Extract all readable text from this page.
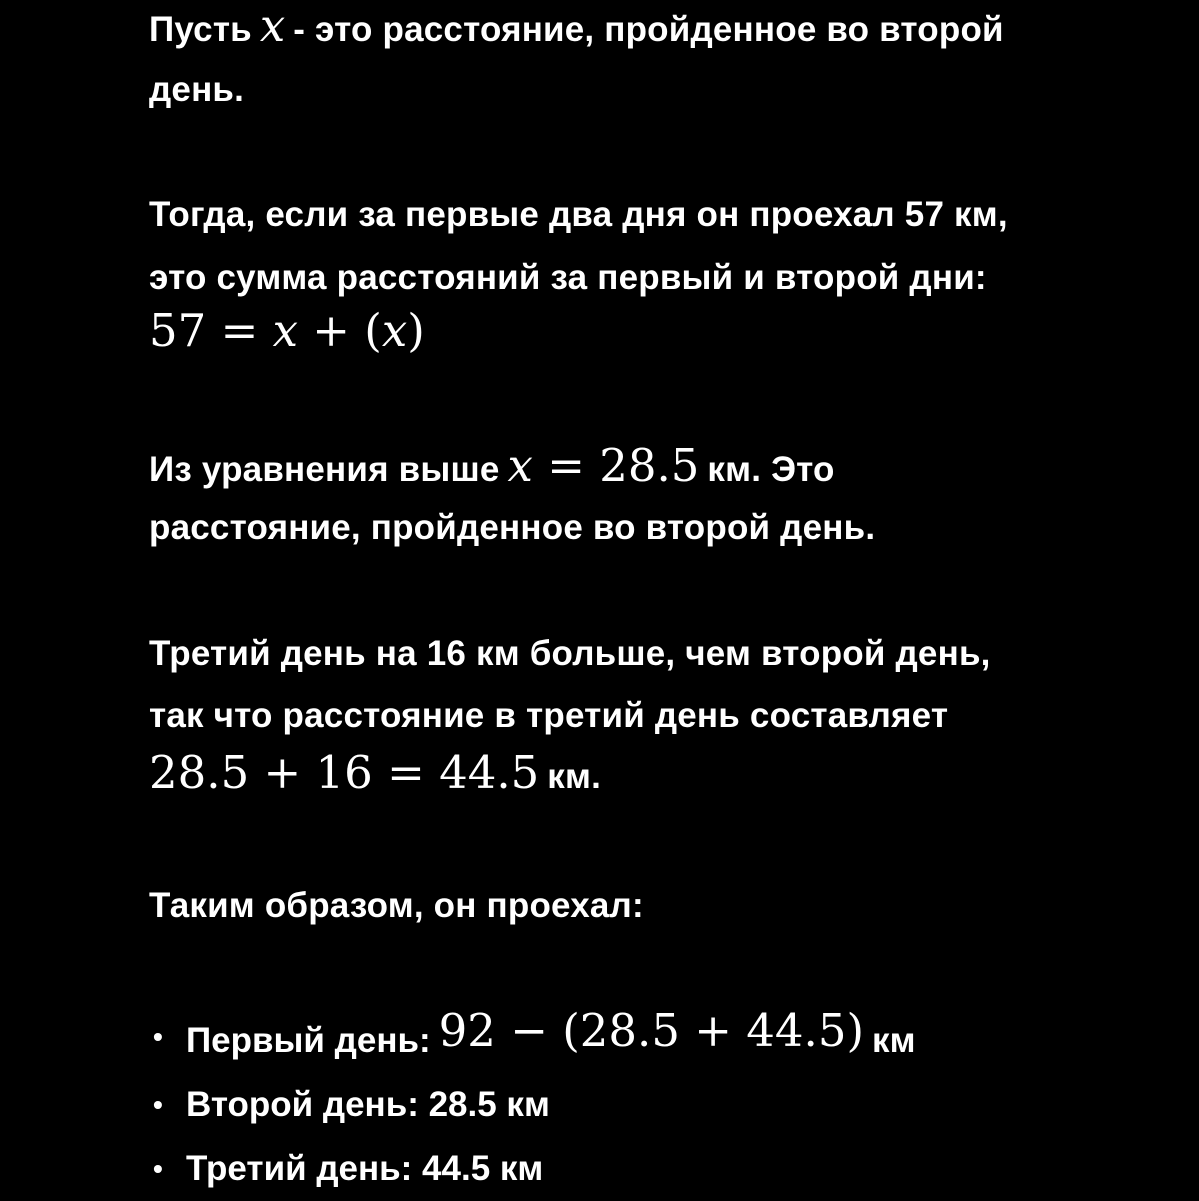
Пусть x - это расстояние, пройденное во второй

день.

Тогда, если за первые два дня он проехал 57 км,

это сумма расстояний за первый и второй дни:

57 = x + (x)

Из уравнения выше x = 28.5 км. Это

расстояние, пройденное во второй день.

Третий день на 16 км больше, чем второй день,

так что расстояние в третий день составляет

28.5 + 16 = 44.5 км.

Таким образом, он проехал:

• Первый день: 92 − (28.5 + 44.5) км
• Второй день: 28.5 км
• Третий день: 44.5 км
